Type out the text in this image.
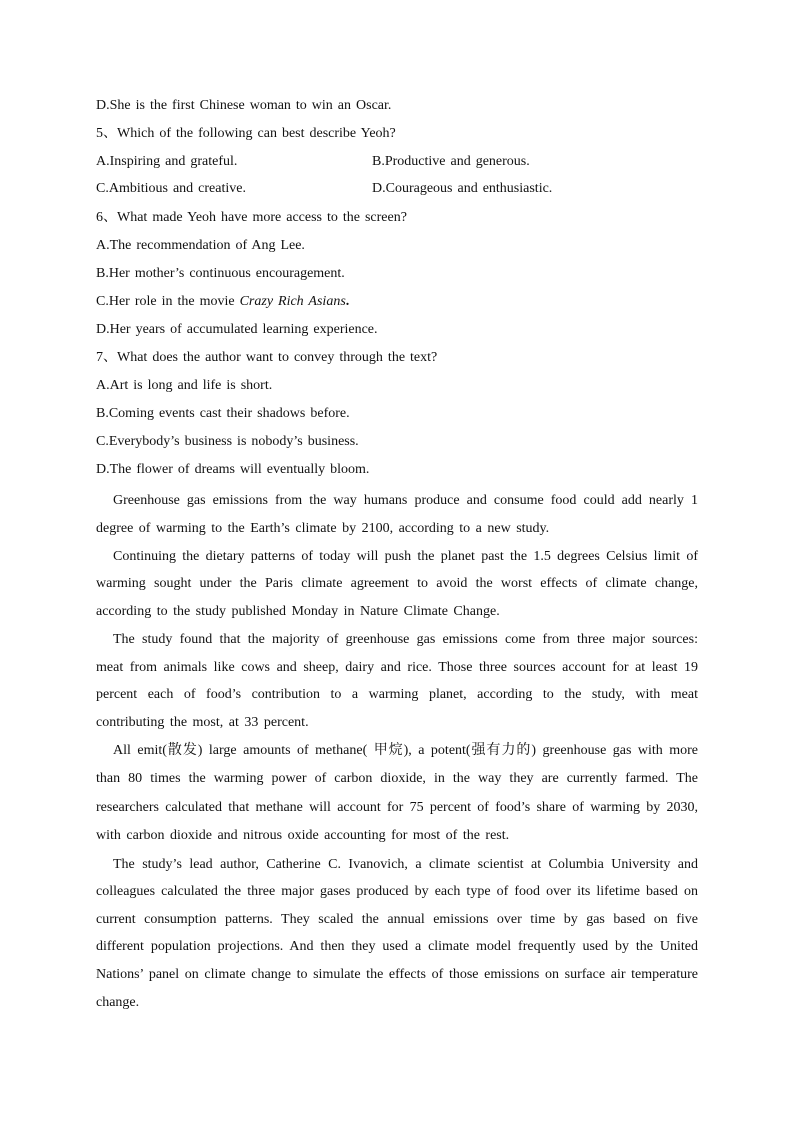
D.She is the first Chinese woman to win an Oscar.
5、Which of the following can best describe Yeoh?
A.Inspiring and grateful.	B.Productive and generous.
C.Ambitious and creative.	D.Courageous and enthusiastic.
6、What made Yeoh have more access to the screen?
A.The recommendation of Ang Lee.
B.Her mother’s continuous encouragement.
C.Her role in the movie Crazy Rich Asians.
D.Her years of accumulated learning experience.
7、What does the author want to convey through the text?
A.Art is long and life is short.
B.Coming events cast their shadows before.
C.Everybody’s business is nobody’s business.
D.The flower of dreams will eventually bloom.

Greenhouse gas emissions from the way humans produce and consume food could add nearly 1 degree of warming to the Earth’s climate by 2100, according to a new study.

Continuing the dietary patterns of today will push the planet past the 1.5 degrees Celsius limit of warming sought under the Paris climate agreement to avoid the worst effects of climate change, according to the study published Monday in Nature Climate Change.

The study found that the majority of greenhouse gas emissions come from three major sources: meat from animals like cows and sheep, dairy and rice. Those three sources account for at least 19 percent each of food’s contribution to a warming planet, according to the study, with meat contributing the most, at 33 percent.

All emit(散发) large amounts of methane( 甲烷), a potent(强有力的) greenhouse gas with more than 80 times the warming power of carbon dioxide, in the way they are currently farmed. The researchers calculated that methane will account for 75 percent of food’s share of warming by 2030, with carbon dioxide and nitrous oxide accounting for most of the rest.

The study’s lead author, Catherine C. Ivanovich, a climate scientist at Columbia University and colleagues calculated the three major gases produced by each type of food over its lifetime based on current consumption patterns. They scaled the annual emissions over time by gas based on five different population projections. And then they used a climate model frequently used by the United Nations’ panel on climate change to simulate the effects of those emissions on surface air temperature change.
